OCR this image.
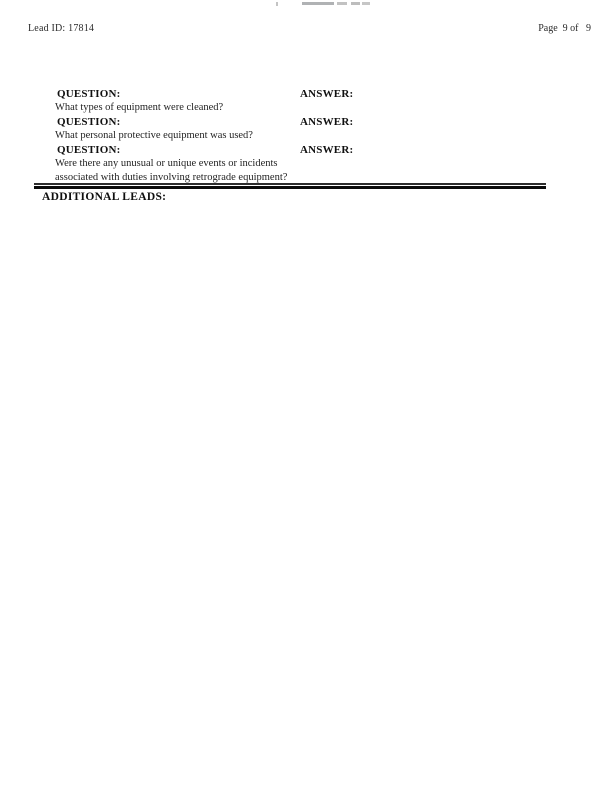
Lead ID: 17814	Page  9 of   9
QUESTION:	ANSWER:
What types of equipment were cleaned?
QUESTION:	ANSWER:
What personal protective equipment was used?
QUESTION:	ANSWER:
Were there any unusual or unique events or incidents associated with duties involving retrograde equipment?
ADDITIONAL LEADS:
